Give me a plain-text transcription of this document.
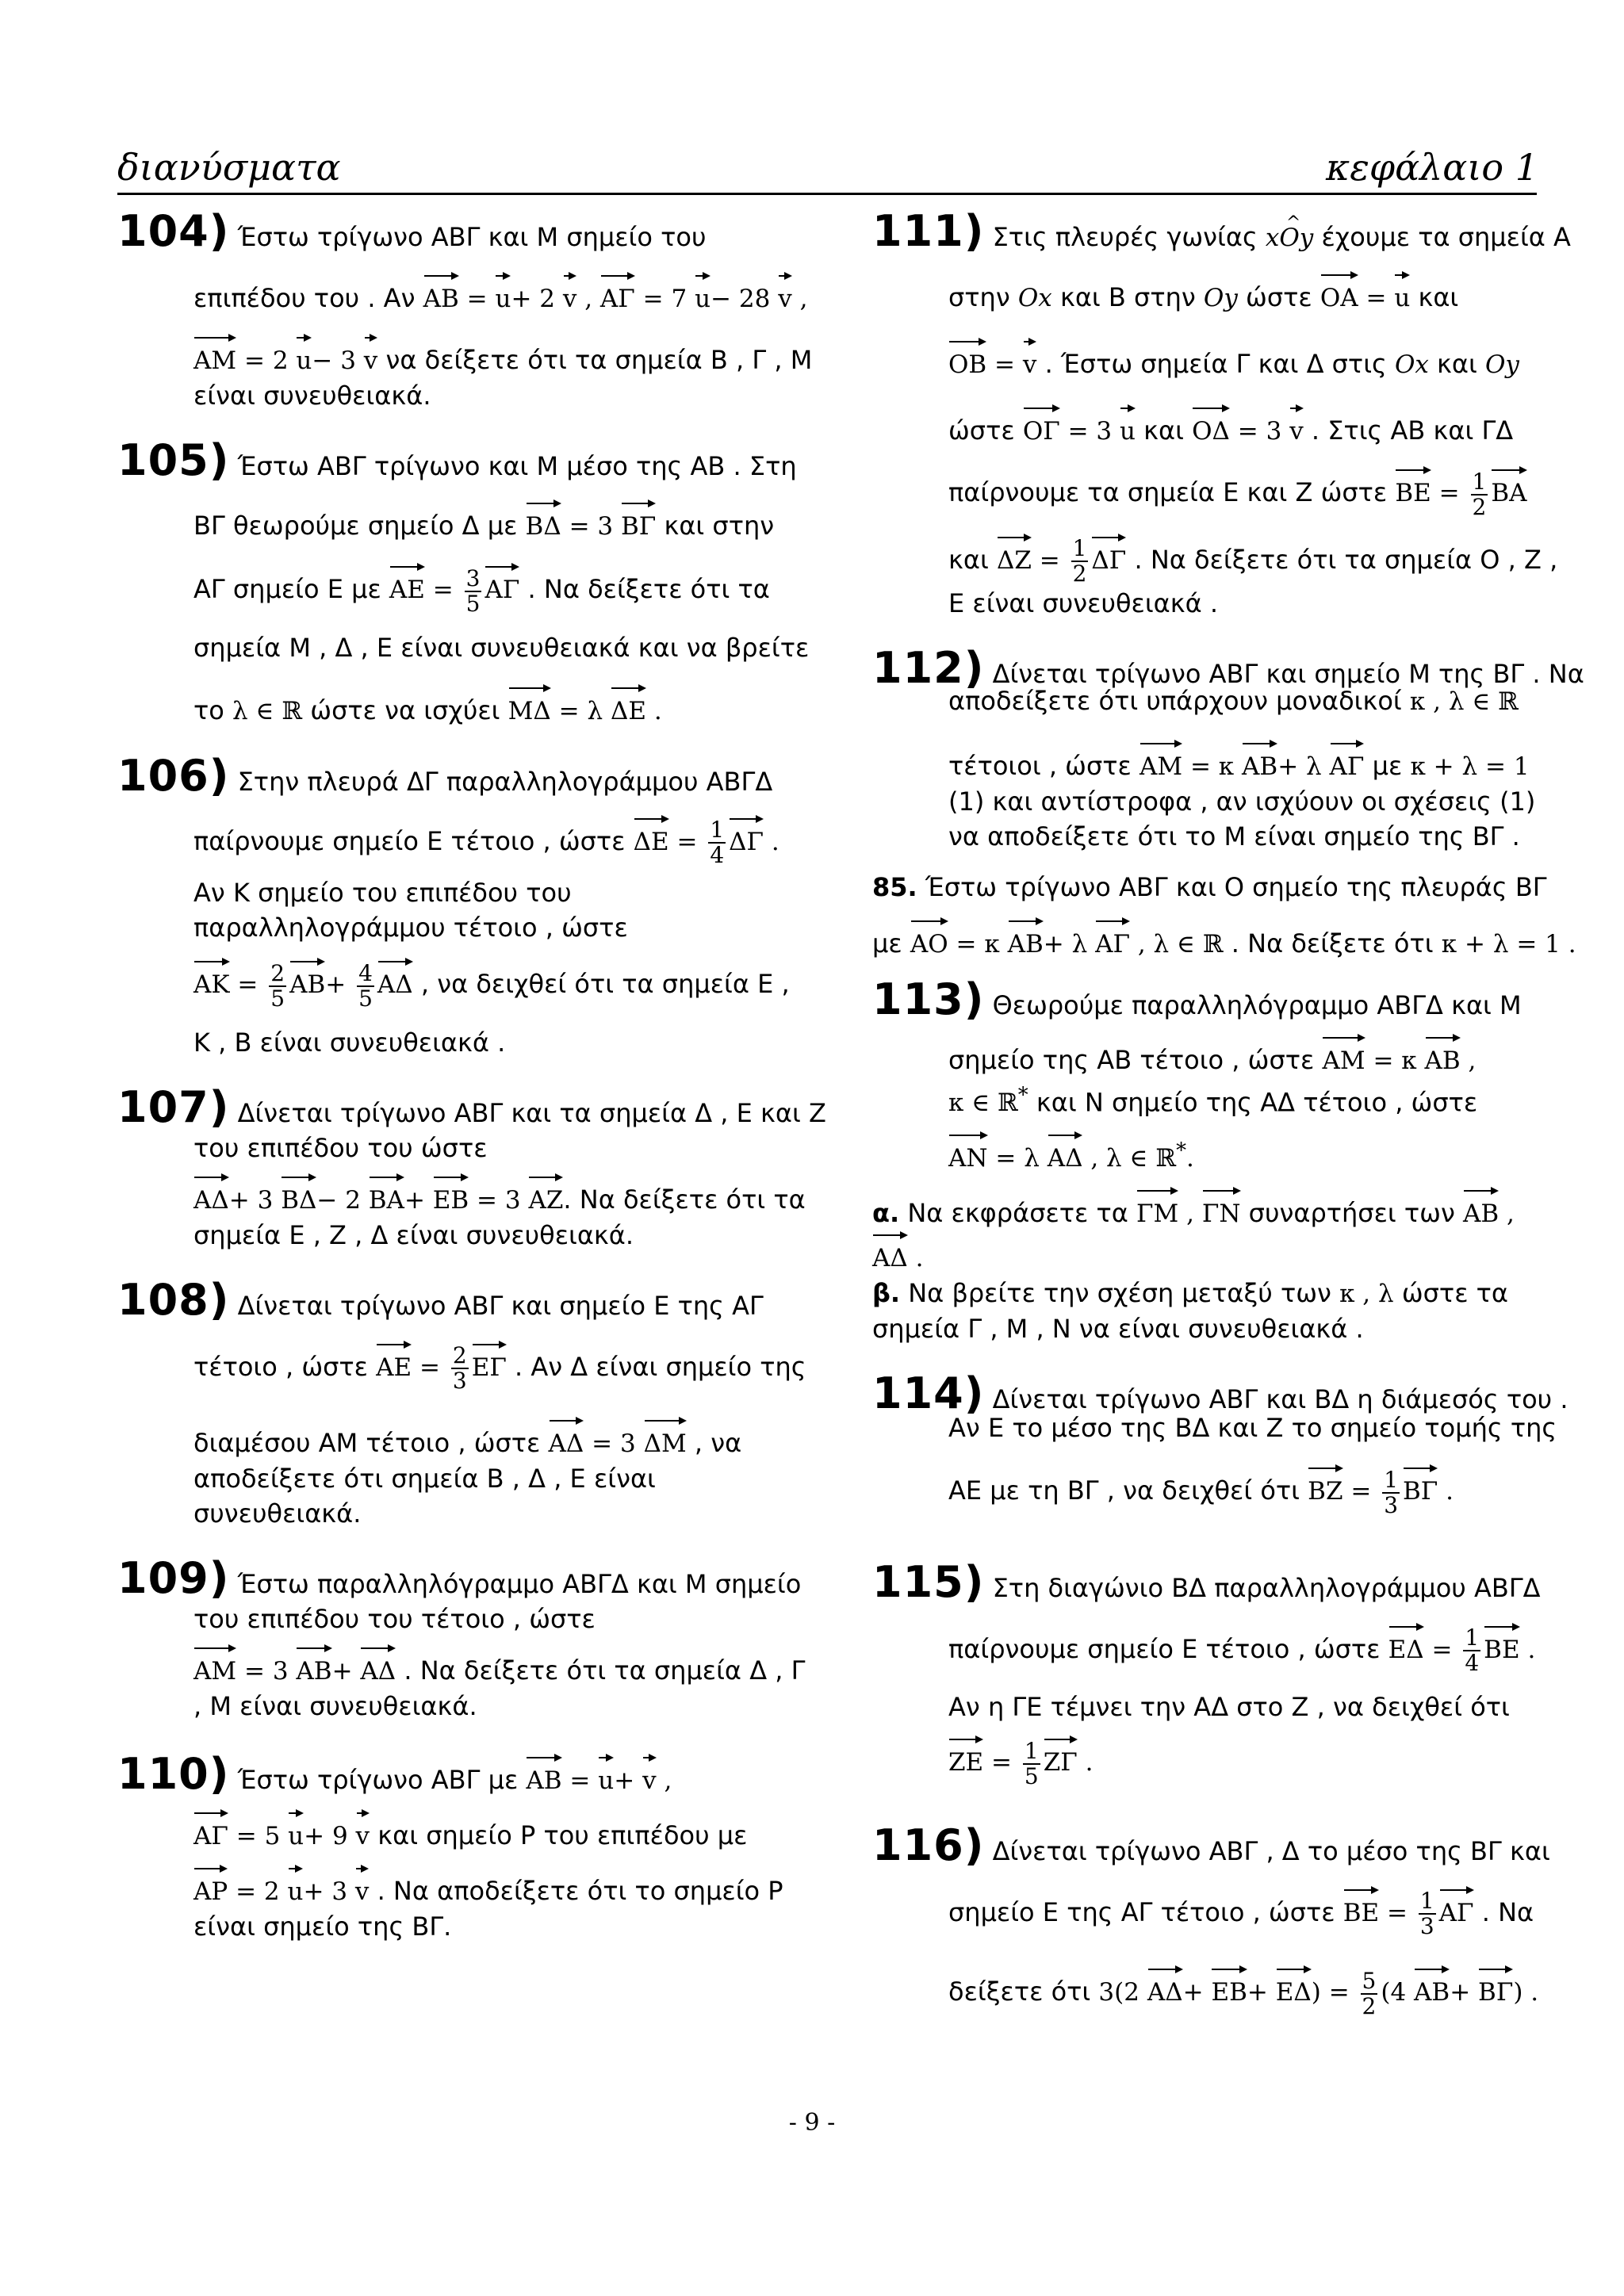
διανύσματα	κεφάλαιο 1
104) Έστω τρίγωνο ΑΒΓ και Μ σημείο του
επιπέδου του . Αν ΑΒ = u+ 2 v , ΑΓ = 7 u− 28 v ,
ΑΜ = 2 u− 3 v να δείξετε ότι τα σημεία Β , Γ , Μ
είναι συνευθειακά.
105) Έστω ΑΒΓ τρίγωνο και Μ μέσο της ΑΒ . Στη
ΒΓ θεωρούμε σημείο Δ με ΒΔ = 3 ΒΓ και στην
ΑΓ σημείο Ε με $AE = \frac{3}{5}$ ΑΓ . Να δείξετε ότι τα
σημεία Μ , Δ , Ε είναι συνευθειακά και να βρείτε
το λ ∈ ℝ ώστε να ισχύει ΜΔ = λ ΔΕ .
106) Στην πλευρά ΔΓ παραλληλογράμμου ΑΒΓΔ
παίρνουμε σημείο Ε τέτοιο , ώστε $\Delta E = \frac{1}{4}$ ΔΓ .
Αν Κ σημείο του επιπέδου του
παραλληλογράμμου τέτοιο , ώστε
$AK = \frac{2}{5} AB+ \frac{4}{5}$ ΑΔ , να δειχθεί ότι τα σημεία Ε ,
Κ , Β είναι συνευθειακά .
107) Δίνεται τρίγωνο ΑΒΓ και τα σημεία Δ , Ε και Ζ
του επιπέδου του ώστε
ΑΔ+ 3 ΒΔ− 2 ΒΑ+ ΕΒ = 3 ΑΖ. Να δείξετε ότι τα
σημεία Ε , Ζ , Δ είναι συνευθειακά.
108) Δίνεται τρίγωνο ΑΒΓ και σημείο Ε της ΑΓ
τέτοιο , ώστε $AE = \frac{2}{3}$ ΕΓ . Αν Δ είναι σημείο της
διαμέσου ΑΜ τέτοιο , ώστε ΑΔ = 3 ΔΜ , να
αποδείξετε ότι σημεία Β , Δ , Ε είναι
συνευθειακά.
109) Έστω παραλληλόγραμμο ΑΒΓΔ και Μ σημείο
του επιπέδου του τέτοιο , ώστε
ΑΜ = 3 ΑΒ+ ΑΔ . Να δείξετε ότι τα σημεία Δ , Γ
, Μ είναι συνευθειακά.
110) Έστω τρίγωνο ΑΒΓ με ΑΒ = u+ v ,
ΑΓ = 5 u+ 9 v και σημείο Ρ του επιπέδου με
ΑΡ = 2 u+ 3 v . Να αποδείξετε ότι το σημείο Ρ
είναι σημείο της ΒΓ.
111) Στις πλευρές γωνίας ^ xOy έχουμε τα σημεία Α
στην Ox και Β στην Oy ώστε ΟΑ = u και
ΟΒ = v . Έστω σημεία Γ και Δ στις Ox και Oy
ώστε ΟΓ = 3 u και ΟΔ = 3 v . Στις ΑΒ και ΓΔ
παίρνουμε τα σημεία Ε και Ζ ώστε $BE = \frac{1}{2}$ ΒΑ
και $\Delta Z = \frac{1}{2}$ ΔΓ . Να δείξετε ότι τα σημεία Ο , Ζ ,
Ε είναι συνευθειακά .
112) Δίνεται τρίγωνο ΑΒΓ και σημείο Μ της ΒΓ . Να
αποδείξετε ότι υπάρχουν μοναδικοί κ , λ ∈ ℝ
τέτοιοι , ώστε ΑΜ = κ ΑΒ+ λ ΑΓ με κ + λ = 1
(1) και αντίστροφα , αν ισχύουν οι σχέσεις (1)
να αποδείξετε ότι το Μ είναι σημείο της ΒΓ .
85. Έστω τρίγωνο ΑΒΓ και Ο σημείο της πλευράς ΒΓ
με ΑΟ = κ ΑΒ+ λ ΑΓ , λ ∈ ℝ . Να δείξετε ότι κ + λ = 1 .
113) Θεωρούμε παραλληλόγραμμο ΑΒΓΔ και Μ
σημείο της ΑΒ τέτοιο , ώστε ΑΜ = κ ΑΒ ,
κ ∈ ℝ* και Ν σημείο της ΑΔ τέτοιο , ώστε
ΑΝ = λ ΑΔ , λ ∈ ℝ*.
α. Να εκφράσετε τα ΓΜ , ΓΝ συναρτήσει των ΑΒ ,
ΑΔ .
β. Να βρείτε την σχέση μεταξύ των κ , λ ώστε τα
σημεία Γ , Μ , Ν να είναι συνευθειακά .
114) Δίνεται τρίγωνο ΑΒΓ και ΒΔ η διάμεσός του .
Αν Ε το μέσο της ΒΔ και Ζ το σημείο τομής της
ΑΕ με τη ΒΓ , να δειχθεί ότι $BZ = \frac{1}{3}$ ΒΓ .
115) Στη διαγώνιο ΒΔ παραλληλογράμμου ΑΒΓΔ
παίρνουμε σημείο Ε τέτοιο , ώστε $E\Delta = \frac{1}{4}$ ΒΕ .
Αν η ΓΕ τέμνει την ΑΔ στο Ζ , να δειχθεί ότι
$ZE = \frac{1}{5}$ ΖΓ .
116) Δίνεται τρίγωνο ΑΒΓ , Δ το μέσο της ΒΓ και
σημείο Ε της ΑΓ τέτοιο , ώστε $BE = \frac{1}{3}$ ΑΓ . Να
δείξετε ότι 3(2 $A\Delta+ EB+ E\Delta) = \frac{5}{2} (4$ ΑΒ+ ΒΓ) .
- 9 -
